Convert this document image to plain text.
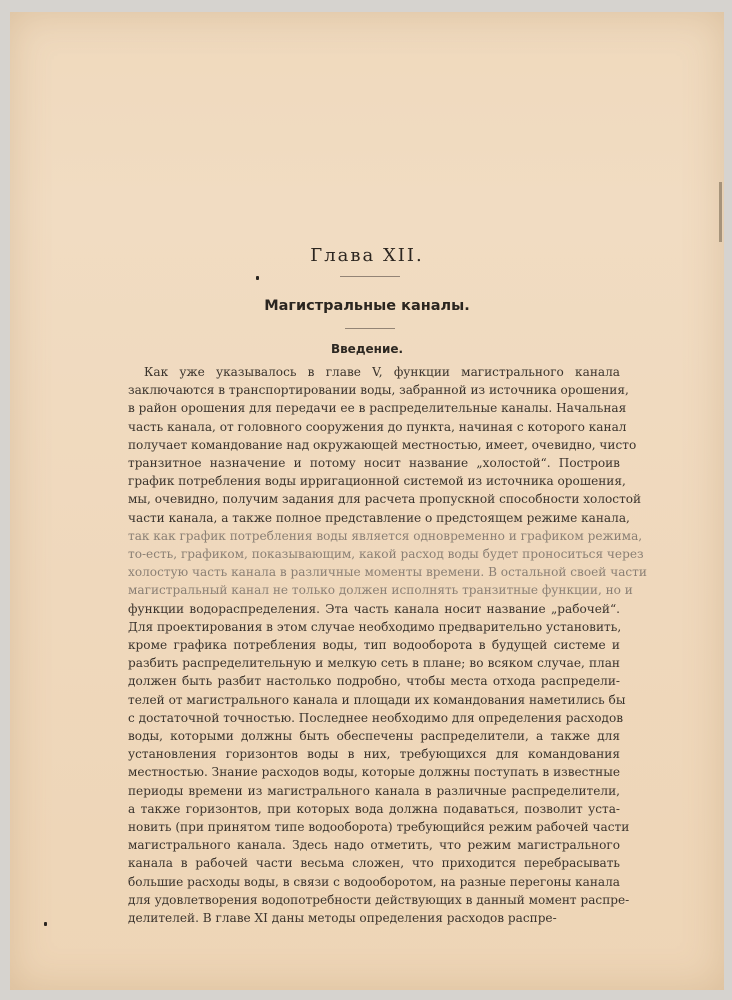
Глава XII.
Магистральные каналы.
Введение.
Как уже указывалось в главе V, функции магистрального канала
заключаются в транспортировании воды, забранной из источника орошения,
в район орошения для передачи ее в распределительные каналы. Начальная
часть канала, от головного сооружения до пункта, начиная с которого канал
получает командование над окружающей местностью, имеет, очевидно, чисто
транзитное назначение и потому носит название „холостой“. Построив
график потребления воды ирригационной системой из источника орошения,
мы, очевидно, получим задания для расчета пропускной способности холостой
части канала, а также полное представление о предстоящем режиме канала,
так как график потребления воды является одновременно и графиком режима,
то-есть, графиком, показывающим, какой расход воды будет проноситься через
холостую часть канала в различные моменты времени. В остальной своей части
магистральный канал не только должен исполнять транзитные функции, но и
функции водораспределения. Эта часть канала носит название „рабочей“.
Для проектирования в этом случае необходимо предварительно установить,
кроме графика потребления воды, тип водооборота в будущей системе и
разбить распределительную и мелкую сеть в плане; во всяком случае, план
должен быть разбит настолько подробно, чтобы места отхода распредели-
телей от магистрального канала и площади их командования наметились бы
с достаточной точностью. Последнее необходимо для определения расходов
воды, которыми должны быть обеспечены распределители, а также для
установления горизонтов воды в них, требующихся для командования
местностью. Знание расходов воды, которые должны поступать в известные
периоды времени из магистрального канала в различные распределители,
а также горизонтов, при которых вода должна подаваться, позволит уста-
новить (при принятом типе водооборота) требующийся режим рабочей части
магистрального канала. Здесь надо отметить, что режим магистрального
канала в рабочей части весьма сложен, что приходится перебрасывать
большие расходы воды, в связи с водооборотом, на разные перегоны канала
для удовлетворения водопотребности действующих в данный момент распре-
делителей. В главе XI даны методы определения расходов распре-
